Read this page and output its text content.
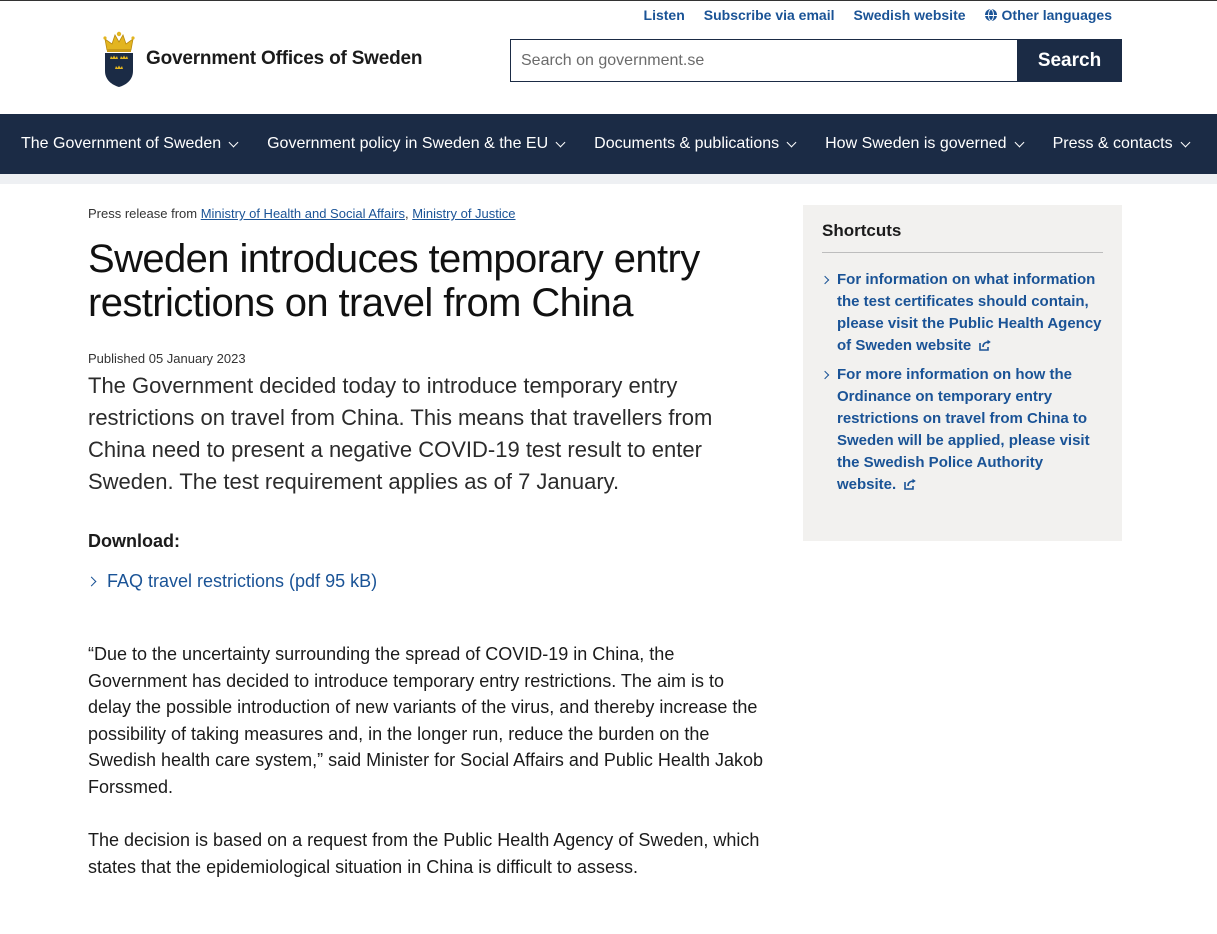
Listen Subscribe via email Swedish website	Other languages
Government Offices of Sweden
Search on government.se	Search
The Government of Sweden	Government policy in Sweden & the EU	Documents & publications	How Sweden is governed	Press & contacts

Press release from Ministry of Health and Social Affairs, Ministry of Justice

Sweden introduces temporary entry restrictions on travel from China

Published 05 January 2023

The Government decided today to introduce temporary entry restrictions on travel from China. This means that travellers from China need to present a negative COVID-19 test result to enter Sweden. The test requirement applies as of 7 January.

Download:

FAQ travel restrictions (pdf 95 kB)

“Due to the uncertainty surrounding the spread of COVID-19 in China, the Government has decided to introduce temporary entry restrictions. The aim is to delay the possible introduction of new variants of the virus, and thereby increase the possibility of taking measures and, in the longer run, reduce the burden on the Swedish health care system,” said Minister for Social Affairs and Public Health Jakob Forssmed.

The decision is based on a request from the Public Health Agency of Sweden, which states that the epidemiological situation in China is difficult to assess.

Shortcuts
For information on what information the test certificates should contain, please visit the Public Health Agency of Sweden website
For more information on how the Ordinance on temporary entry restrictions on travel from China to Sweden will be applied, please visit the Swedish Police Authority website.
